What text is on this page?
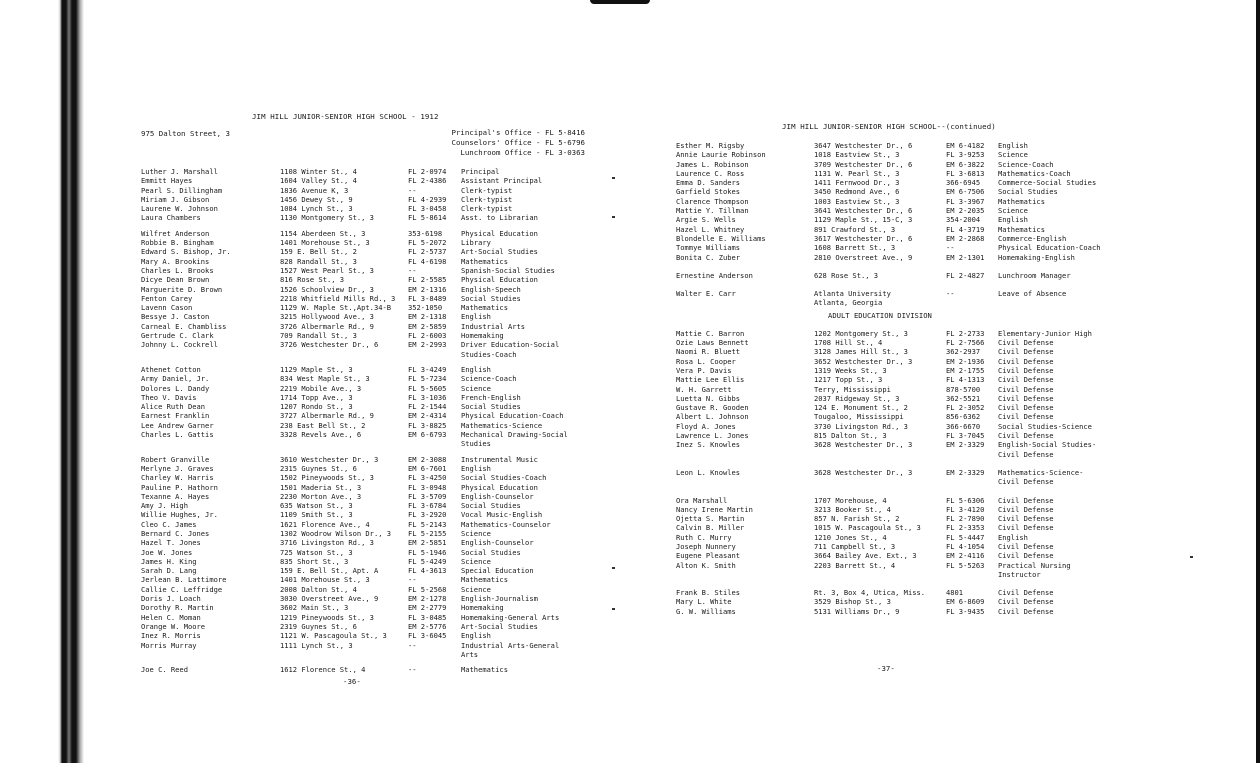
JIM HILL JUNIOR-SENIOR HIGH SCHOOL - 1912
975 Dalton Street, 3	Principal's Office - FL 5-8416
Counselors' Office - FL 5-6796
Lunchroom Office - FL 3-0363
Luther J. Marshall	1108 Winter St., 4	FL 2-0974	Principal
Emmitt Hayes	1604 Valley St., 4	FL 2-4386	Assistant Principal
Pearl S. Dillingham	1836 Avenue K, 3	--	Clerk-typist
Miriam J. Gibson	1456 Dewey St., 9	FL 4-2939	Clerk-typist
Laurene W. Johnson	1084 Lynch St., 3	FL 3-0458	Clerk-typist
Laura Chambers	1130 Montgomery St., 3	FL 5-8614	Asst. to Librarian
Wilfret Anderson	1154 Aberdeen St., 3	353-6198	Physical Education
Robbie B. Bingham	1401 Morehouse St., 3	FL 5-2072	Library
Edward S. Bishop, Jr.	159 E. Bell St., 2	FL 2-5737	Art-Social Studies
Mary A. Brookins	828 Randall St., 3	FL 4-6198	Mathematics
Charles L. Brooks	1527 West Pearl St., 3	--	Spanish-Social Studies
Dicye Dean Brown	816 Rose St., 3	FL 2-5585	Physical Education
Marguerite D. Brown	1526 Schoolview Dr., 3	EM 2-1316	English-Speech
Fenton Carey	2218 Whitfield Mills Rd., 3	FL 3-8489	Social Studies
Lavenn Cason	1129 W. Maple St.,Apt.34-B	352-1050	Mathematics
Bessye J. Caston	3215 Hollywood Ave., 3	EM 2-1318	English
Carneal E. Chambliss	3726 Albermarle Rd., 9	EM 2-5859	Industrial Arts
Gertrude C. Clark	709 Randall St., 3	FL 2-6003	Homemaking
Johnny L. Cockrell	3726 Westchester Dr., 6	EM 2-2993	Driver Education-Social
Studies-Coach
Athenet Cotton	1129 Maple St., 3	FL 3-4249	English
Army Daniel, Jr.	834 West Maple St., 3	FL 5-7234	Science-Coach
Dolores L. Dandy	2219 Mobile Ave., 3	FL 5-5605	Science
Theo V. Davis	1714 Topp Ave., 3	FL 3-1036	French-English
Alice Ruth Dean	1207 Rondo St., 3	FL 2-1544	Social Studies
Earnest Franklin	3727 Albermarle Rd., 9	EM 2-4314	Physical Education-Coach
Lee Andrew Garner	238 East Bell St., 2	FL 3-8825	Mathematics-Science
Charles L. Gattis	3328 Revels Ave., 6	EM 6-6793	Mechanical Drawing-Social
Studies
Robert Granville	3610 Westchester Dr., 3	EM 2-3088	Instrumental Music
Merlyne J. Graves	2315 Guynes St., 6	EM 6-7601	English
Charley W. Harris	1502 Pineywoods St., 3	FL 3-4250	Social Studies-Coach
Pauline P. Hathorn	1501 Maderia St., 3	FL 3-0948	Physical Education
Texanne A. Hayes	2230 Morton Ave., 3	FL 3-5709	English-Counselor
Amy J. High	635 Watson St., 3	FL 3-6784	Social Studies
Willie Hughes, Jr.	1109 Smith St., 3	FL 3-2920	Vocal Music-English
Cleo C. James	1621 Florence Ave., 4	FL 5-2143	Mathematics-Counselor
Bernard C. Jones	1302 Woodrow Wilson Dr., 3	FL 5-2155	Science
Hazel T. Jones	3716 Livingston Rd., 3	EM 2-5851	English-Counselor
Joe W. Jones	725 Watson St., 3	FL 5-1946	Social Studies
James H. King	835 Short St., 3	FL 5-4249	Science
Sarah D. Lang	159 E. Bell St., Apt. A	FL 4-3613	Special Education
Jerlean B. Lattimore	1401 Morehouse St., 3	--	Mathematics
Callie C. Leffridge	2008 Dalton St., 4	FL 5-2568	Science
Doris J. Loach	3030 Overstreet Ave., 9	EM 2-1278	English-Journalism
Dorothy R. Martin	3602 Main St., 3	EM 2-2779	Homemaking
Helen C. Moman	1219 Pineywoods St., 3	FL 3-0485	Homemaking-General Arts
Orange W. Moore	2319 Guynes St., 6	EM 2-5776	Art-Social Studies
Inez R. Morris	1121 W. Pascagoula St., 3	FL 3-6045	English
Morris Murray	1111 Lynch St., 3	--	Industrial Arts-General
Arts
Joe C. Reed	1612 Florence St., 4	--	Mathematics
-36-
JIM HILL JUNIOR-SENIOR HIGH SCHOOL--(continued)
Esther M. Rigsby	3647 Westchester Dr., 6	EM 6-4182	English
Annie Laurie Robinson	1018 Eastview St., 3	FL 3-9253	Science
James L. Robinson	3709 Westchester Dr., 6	EM 6-3822	Science-Coach
Laurence C. Ross	1131 W. Pearl St., 3	FL 3-6813	Mathematics-Coach
Emma D. Sanders	1411 Fernwood Dr., 3	366-6945	Commerce-Social Studies
Garfield Stokes	3450 Redmond Ave., 6	EM 6-7506	Social Studies
Clarence Thompson	1003 Eastview St., 3	FL 3-3967	Mathematics
Mattie Y. Tillman	3641 Westchester Dr., 6	EM 2-2035	Science
Argie S. Wells	1129 Maple St., 15-C, 3	354-2004	English
Hazel L. Whitney	891 Crawford St., 3	FL 4-3719	Mathematics
Blondelle E. Williams	3617 Westchester Dr., 6	EM 2-2868	Commerce-English
Tommye Williams	1608 Barrett St., 3	--	Physical Education-Coach
Bonita C. Zuber	2810 Overstreet Ave., 9	EM 2-1301	Homemaking-English
Ernestine Anderson	628 Rose St., 3	FL 2-4827	Lunchroom Manager
Walter E. Carr	Atlanta University	--	Leave of Absence
Atlanta, Georgia
ADULT EDUCATION DIVISION
Mattie C. Barron	1202 Montgomery St., 3	FL 2-2733	Elementary-Junior High
Ozie Laws Bennett	1708 Hill St., 4	FL 2-7566	Civil Defense
Naomi R. Bluett	3128 James Hill St., 3	362-2937	Civil Defense
Rosa L. Cooper	3652 Westchester Dr., 3	EM 2-1936	Civil Defense
Vera P. Davis	1319 Weeks St., 3	EM 2-1755	Civil Defense
Mattie Lee Ellis	1217 Topp St., 3	FL 4-1313	Civil Defense
W. H. Garrett	Terry, Mississippi	878-5700	Civil Defense
Luetta N. Gibbs	2037 Ridgeway St., 3	362-5521	Civil Defense
Gustave R. Gooden	124 E. Monument St., 2	FL 2-3052	Civil Defense
Albert L. Johnson	Tougaloo, Mississippi	856-6362	Civil Defense
Floyd A. Jones	3730 Livingston Rd., 3	366-6670	Social Studies-Science
Lawrence L. Jones	815 Dalton St., 3	FL 3-7045	Civil Defense
Inez S. Knowles	3628 Westchester Dr., 3	EM 2-3329	English-Social Studies-
Civil Defense
Leon L. Knowles	3628 Westchester Dr., 3	EM 2-3329	Mathematics-Science-
Civil Defense
Ora Marshall	1707 Morehouse, 4	FL 5-6306	Civil Defense
Nancy Irene Martin	3213 Booker St., 4	FL 3-4120	Civil Defense
Ojetta S. Martin	857 N. Farish St., 2	FL 2-7890	Civil Defense
Calvin B. Miller	1015 W. Pascagoula St., 3	FL 2-3353	Civil Defense
Ruth C. Murry	1210 Jones St., 4	FL 5-4447	English
Joseph Nunnery	711 Campbell St., 3	FL 4-1054	Civil Defense
Eugene Pleasant	3664 Bailey Ave. Ext., 3	EM 2-4116	Civil Defense
Alton K. Smith	2203 Barrett St., 4	FL 5-5263	Practical Nursing
Instructor
Frank B. Stiles	Rt. 3, Box 4, Utica, Miss.	4801	Civil Defense
Mary L. White	3529 Bishop St., 3	EM 6-8609	Civil Defense
G. W. Williams	5131 Williams Dr., 9	FL 3-9435	Civil Defense
-37-
